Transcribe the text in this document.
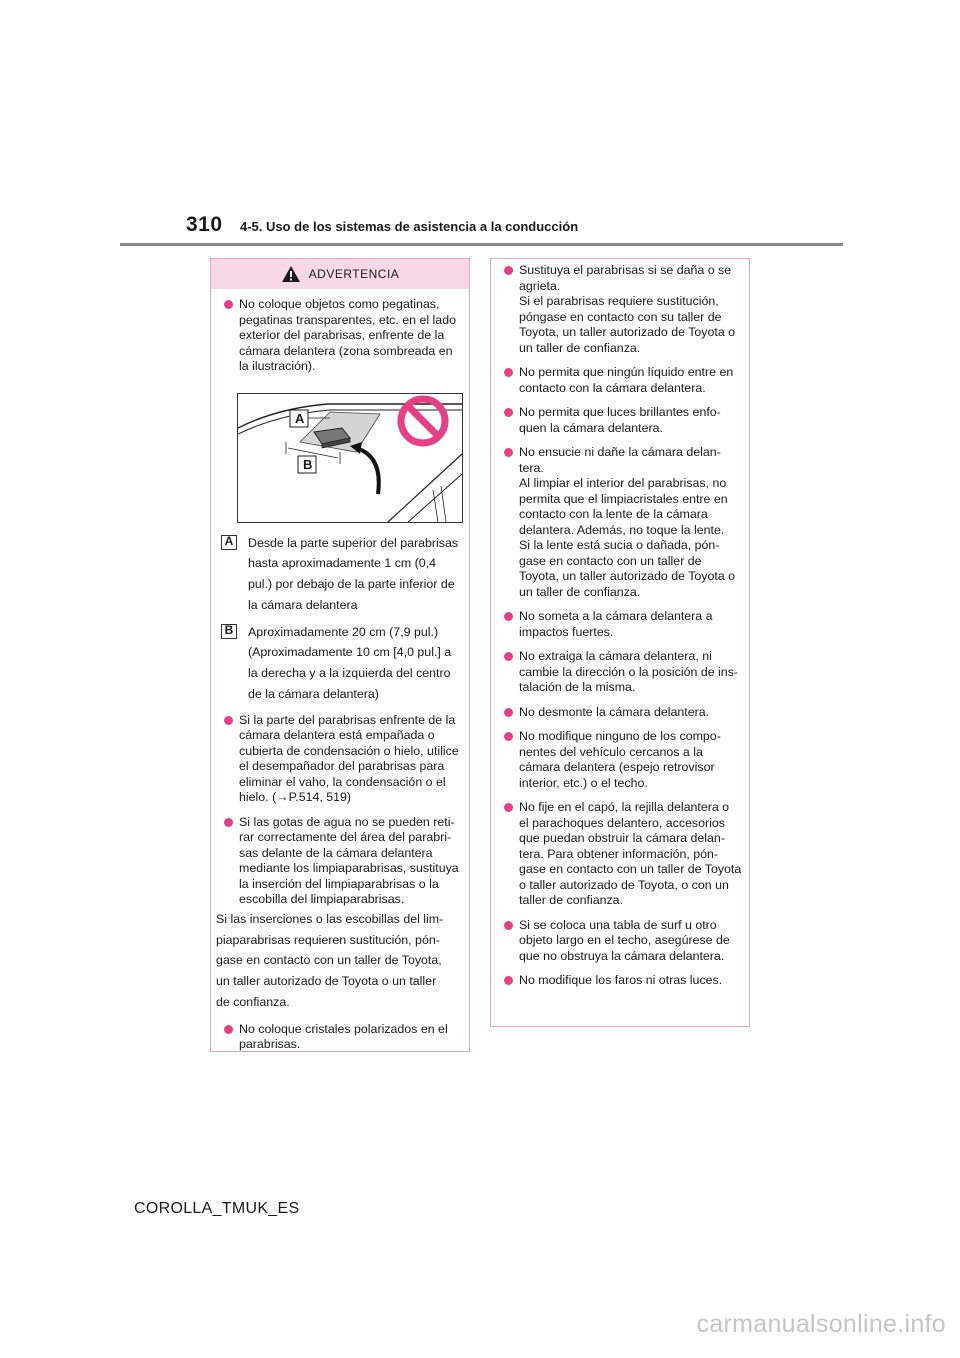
310 4-5. Uso de los sistemas de asistencia a la conducción
ADVERTENCIA
No coloque objetos como pegatinas,
pegatinas transparentes, etc. en el lado
exterior del parabrisas, enfrente de la
cámara delantera (zona sombreada en
la ilustración).
A
B
A	Desde la parte superior del parabrisas
hasta aproximadamente 1 cm (0,4
pul.) por debajo de la parte inferior de
la cámara delantera
B	Aproximadamente 20 cm (7,9 pul.)
(Aproximadamente 10 cm [4,0 pul.] a
la derecha y a la izquierda del centro
de la cámara delantera)
Si la parte del parabrisas enfrente de la
cámara delantera está empañada o
cubierta de condensación o hielo, utilice
el desempañador del parabrisas para
eliminar el vaho, la condensación o el
hielo. (→P.514, 519)
Si las gotas de agua no se pueden reti-
rar correctamente del área del parabri-
sas delante de la cámara delantera
mediante los limpiaparabrisas, sustituya
la inserción del limpiaparabrisas o la
escobilla del limpiaparabrisas.
Si las inserciones o las escobillas del lim-
piaparabrisas requieren sustitución, pón-
gase en contacto con un taller de Toyota,
un taller autorizado de Toyota o un taller
de confianza.
No coloque cristales polarizados en el
parabrisas.
Sustituya el parabrisas si se daña o se
agrieta.
Si el parabrisas requiere sustitución,
póngase en contacto con su taller de
Toyota, un taller autorizado de Toyota o
un taller de confianza.
No permita que ningún líquido entre en
contacto con la cámara delantera.
No permita que luces brillantes enfo-
quen la cámara delantera.
No ensucie ni dañe la cámara delan-
tera.
Al limpiar el interior del parabrisas, no
permita que el limpiacristales entre en
contacto con la lente de la cámara
delantera. Además, no toque la lente.
Si la lente está sucia o dañada, pón-
gase en contacto con un taller de
Toyota, un taller autorizado de Toyota o
un taller de confianza.
No someta a la cámara delantera a
impactos fuertes.
No extraiga la cámara delantera, ni
cambie la dirección o la posición de ins-
talación de la misma.
No desmonte la cámara delantera.
No modifique ninguno de los compo-
nentes del vehículo cercanos a la
cámara delantera (espejo retrovisor
interior, etc.) o el techo.
No fije en el capó, la rejilla delantera o
el parachoques delantero, accesorios
que puedan obstruir la cámara delan-
tera. Para obtener información, pón-
gase en contacto con un taller de Toyota
o taller autorizado de Toyota, o con un
taller de confianza.
Si se coloca una tabla de surf u otro
objeto largo en el techo, asegúrese de
que no obstruya la cámara delantera.
No modifique los faros ni otras luces.
COROLLA_TMUK_ES
carmanualsonline.info
